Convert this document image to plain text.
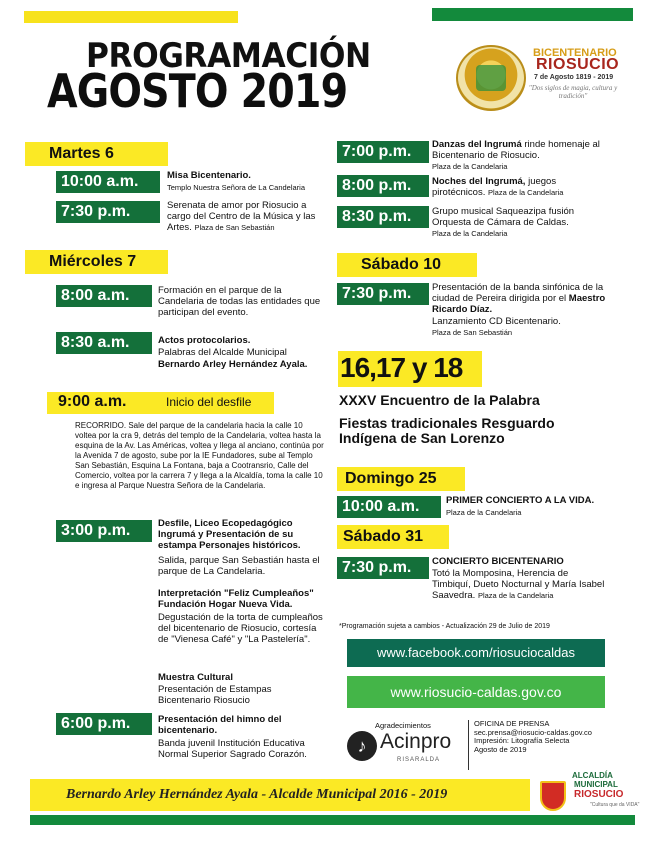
PROGRAMACIÓN
AGOSTO 2019
BICENTENARIO
RIOSUCIO
7 de Agosto 1819 - 2019
"Dos siglos de magia, cultura y tradición"
Martes 6
10:00 a.m.	Misa Bicentenario.
Templo Nuestra Señora de La Candelaria
7:30 p.m.	Serenata de amor por Riosucio a cargo del Centro de la Música y las Artes. Plaza de San Sebastián
Miércoles 7
8:00 a.m.	Formación en el parque de la Candelaria de todas las entidades que participan del evento.
8:30 a.m.	Actos protocolarios.
Palabras del Alcalde Municipal
Bernardo Arley Hernández Ayala.
9:00 a.m.	Inicio del desfile
RECORRIDO. Sale del parque de la candelaria hacia la calle 10 voltea por la cra 9, detrás del templo de la Candelaria, voltea hasta la esquina de la Av. Las Américas, voltea y llega al anciano, continúa por la Avenida 7 de agosto, sube por la IE Fundadores, sube al Templo San Sebastián, Esquina La Fontana, baja a Cootransrio, Calle del Comercio, voltea por la carrera 7 y llega a la Alcaldía, toma la calle 10 e ingresa al Parque Nuestra Señora de la Candelaria.
3:00 p.m.	Desfile, Liceo Ecopedagógico Ingrumá y Presentación de su estampa Personajes históricos.
Salida, parque San Sebastián hasta el parque de La Candelaria.
Interpretación "Feliz Cumpleaños" Fundación Hogar Nueva Vida.
Degustación de la torta de cumpleaños del bicentenario de Riosucio, cortesía de "Vienesa Café" y "La Pastelería".
Muestra Cultural
Presentación de Estampas Bicentenario Riosucio
6:00 p.m.	Presentación del himno del bicentenario.
Banda juvenil Institución Educativa Normal Superior Sagrado Corazón.
7:00 p.m.	Danzas del Ingrumá rinde homenaje al Bicentenario de Riosucio.
Plaza de la Candelaria
8:00 p.m.	Noches del Ingrumá, juegos pirotécnicos. Plaza de la Candelaria
8:30 p.m.	Grupo musical Saqueazipa fusión Orquesta de Cámara de Caldas.
Plaza de la Candelaria
Sábado 10
7:30 p.m.	Presentación de la banda sinfónica de la ciudad de Pereira dirigida por el Maestro Ricardo Díaz.
Lanzamiento CD Bicentenario.
Plaza de San Sebastián
16,17 y 18
XXXV Encuentro de la Palabra
Fiestas tradicionales Resguardo Indígena de San Lorenzo
Domingo 25
10:00 a.m.	PRIMER CONCIERTO A LA VIDA.
Plaza de la Candelaria
Sábado 31
7:30 p.m.	CONCIERTO BICENTENARIO
Totó la Momposina, Herencia de Timbiquí, Dueto Nocturnal y María Isabel Saavedra. Plaza de la Candelaria
*Programación sujeta a cambios - Actualización 29 de Julio de 2019
www.facebook.com/riosuciocaldas
www.riosucio-caldas.gov.co
Agradecimientos
♪ Acinpro
RISARALDA
OFICINA DE PRENSA
sec.prensa@riosucio-caldas.gov.co
Impresión: Litografía Selecta
Agosto de 2019
Bernardo Arley Hernández Ayala - Alcalde Municipal 2016 - 2019
ALCALDÍA
MUNICIPAL
RIOSUCIO
"Cultura que da VIDA"
